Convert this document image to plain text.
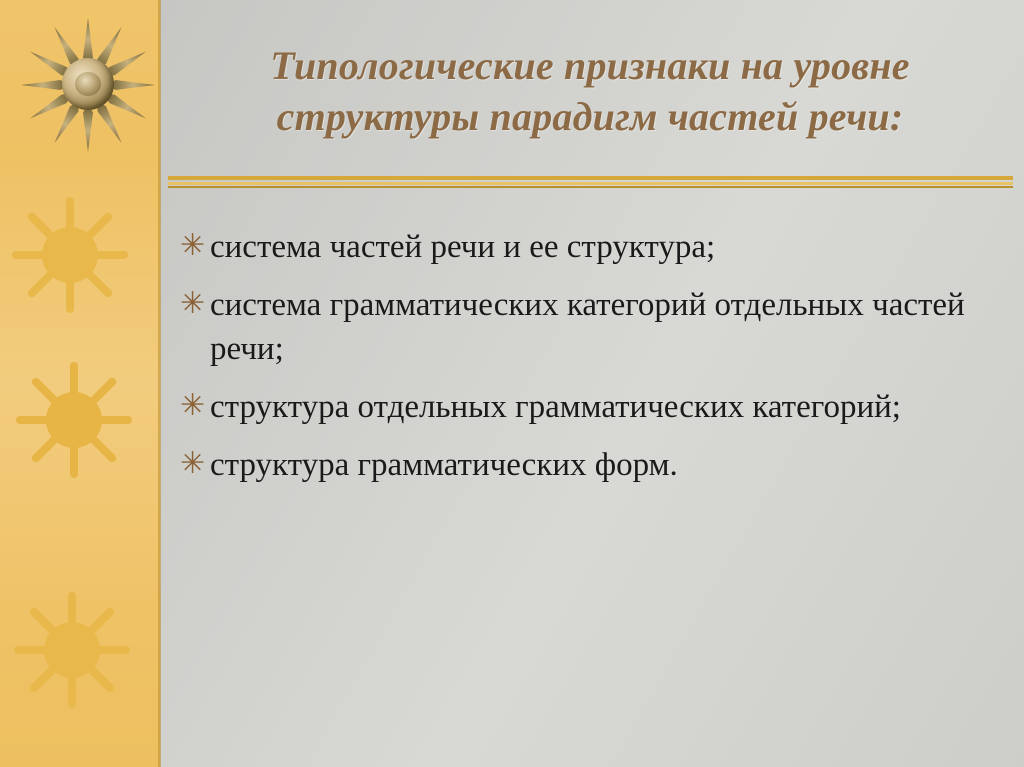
Типологические признаки на уровне структуры парадигм частей речи:
✳ система частей речи и ее структура;
✳ система грамматических категорий отдельных частей речи;
✳ структура отдельных грамматических категорий;
✳ структура грамматических форм.
